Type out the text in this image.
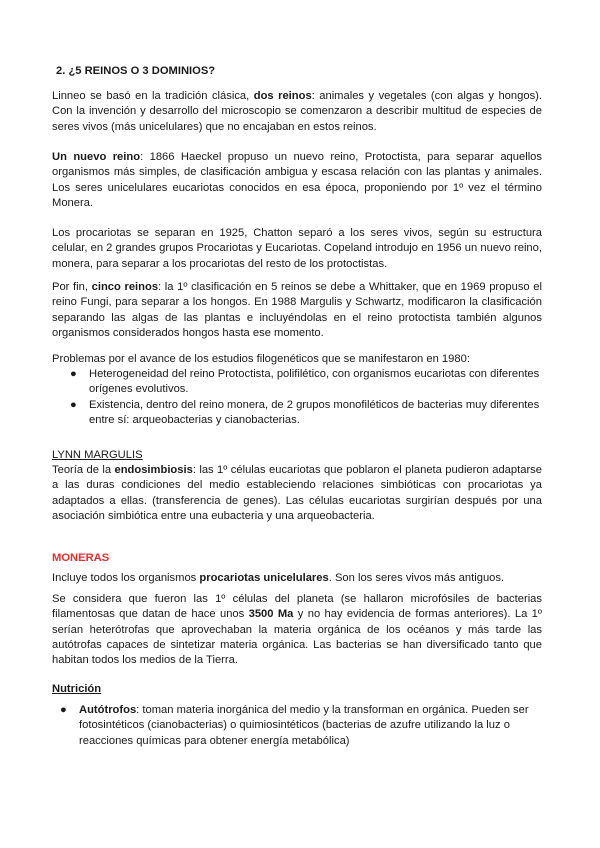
2. ¿5 REINOS O 3 DOMINIOS?

Linneo se basó en la tradición clásica, dos reinos: animales y vegetales (con algas y hongos). Con la invención y desarrollo del microscopio se comenzaron a describir multitud de especies de seres vivos (más unicelulares) que no encajaban en estos reinos.

Un nuevo reino: 1866 Haeckel propuso un nuevo reino, Protoctista, para separar aquellos organismos más simples, de clasificación ambigua y escasa relación con las plantas y animales. Los seres unicelulares eucariotas conocidos en esa época, proponiendo por 1º vez el término Monera.

Los procariotas se separan en 1925, Chatton separó a los seres vivos, según su estructura celular, en 2 grandes grupos Procariotas y Eucariotas. Copeland introdujo en 1956 un nuevo reino, monera, para separar a los procariotas del resto de los protoctistas.

Por fin, cinco reinos: la 1º clasificación en 5 reinos se debe a Whittaker, que en 1969 propuso el reino Fungi, para separar a los hongos. En 1988 Margulis y Schwartz, modificaron la clasificación separando las algas de las plantas e incluyéndolas en el reino protoctista también algunos organismos considerados hongos hasta ese momento.

Problemas por el avance de los estudios filogenéticos que se manifestaron en 1980:

● Heterogeneidad del reino Protoctista, polifilético, con organismos eucariotas con diferentes orígenes evolutivos.
● Existencia, dentro del reino monera, de 2 grupos monofiléticos de bacterias muy diferentes entre sí: arqueobacterias y cianobacterias.
LYNN MARGULIS

Teoría de la endosimbiosis: las 1º células eucariotas que poblaron el planeta pudieron adaptarse a las duras condiciones del medio estableciendo relaciones simbióticas con procariotas ya adaptados a ellas. (transferencia de genes). Las células eucariotas surgirían después por una asociación simbiótica entre una eubacteria y una arqueobacteria.

MONERAS

Incluye todos los organismos procariotas unicelulares. Son los seres vivos más antiguos.

Se considera que fueron las 1º células del planeta (se hallaron microfósiles de bacterias filamentosas que datan de hace unos 3500 Ma y no hay evidencia de formas anteriores). La 1º serían heterótrofas que aprovechaban la materia orgánica de los océanos y más tarde las autótrofas capaces de sintetizar materia orgánica. Las bacterias se han diversificado tanto que habitan todos los medios de la Tierra.

Nutrición
● Autótrofos: toman materia inorgánica del medio y la transforman en orgánica. Pueden ser fotosintéticos (cianobacterias) o quimiosintéticos (bacterias de azufre utilizando la luz o reacciones químicas para obtener energía metabólica)
